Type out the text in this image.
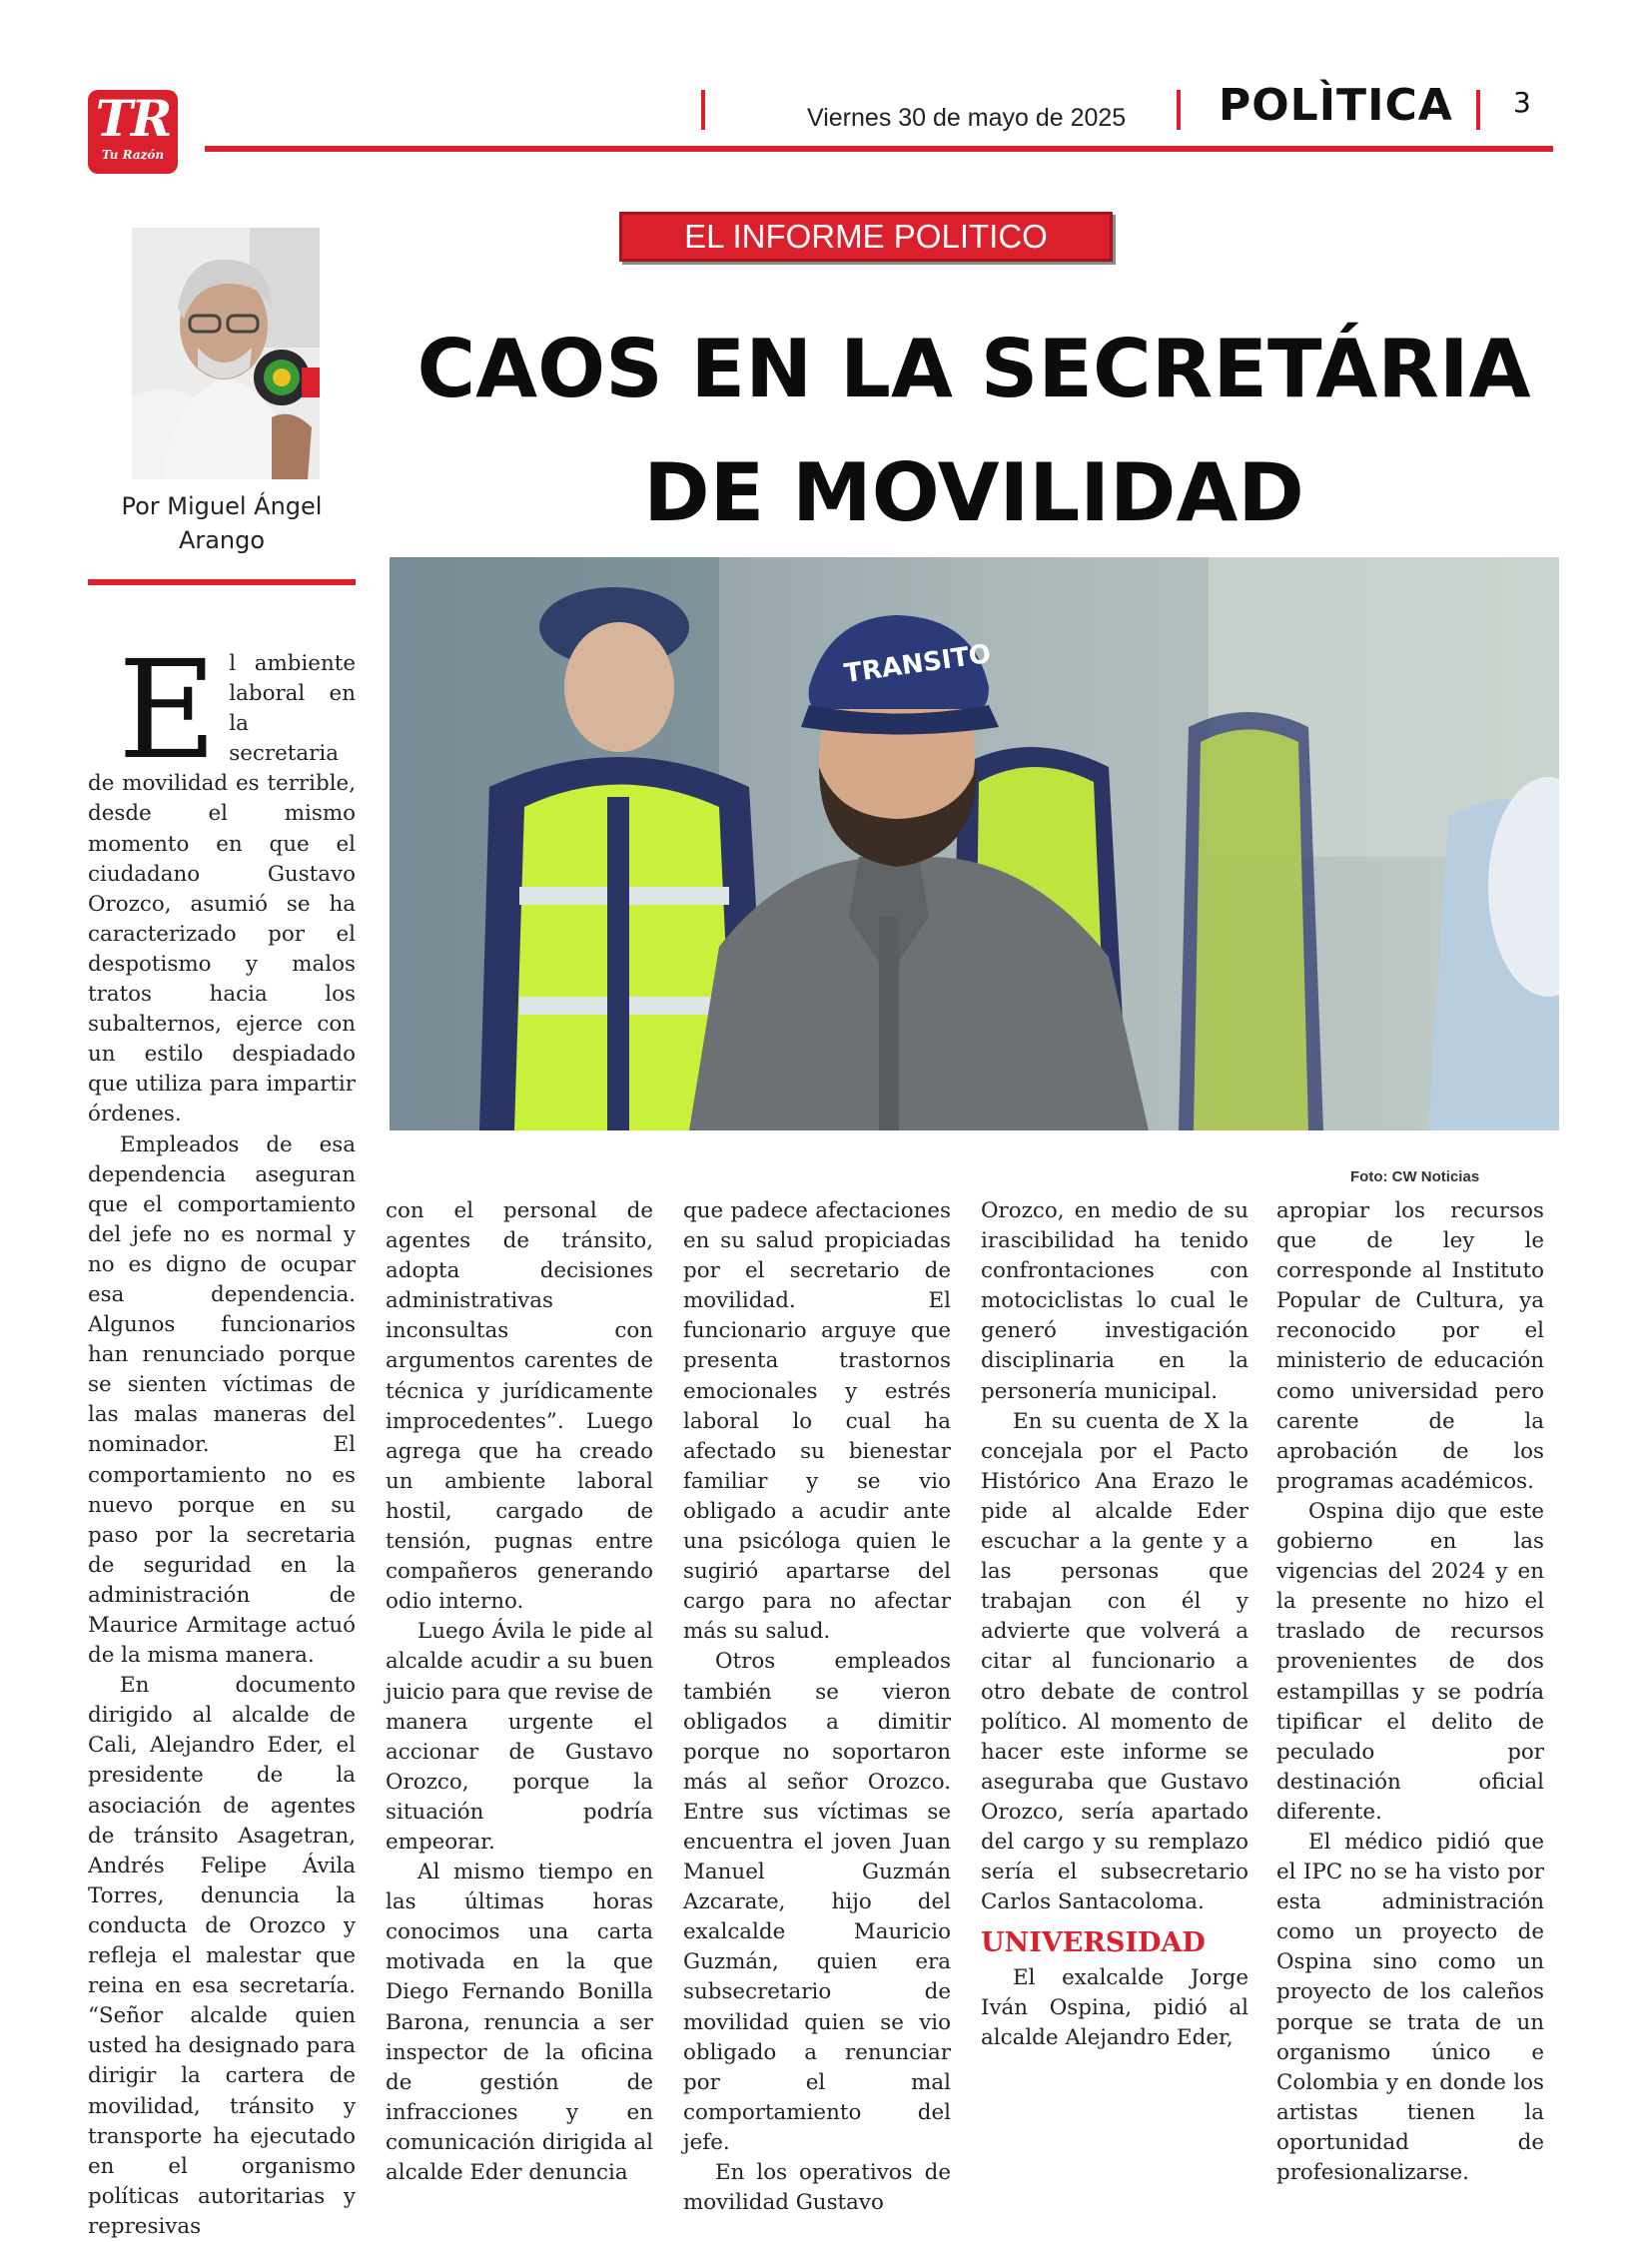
TR
Tu Razón
Viernes 30 de mayo de 2025 POLÌTICA 3
Por Miguel Ángel Arango
EL INFORME POLITICO
CAOS EN LA SECRETÁRIA
DE MOVILIDAD
TRANSITO
Foto: CW Noticias

El ambiente laboral en la secretaria de movilidad es terrible, desde el mismo momento en que el ciudadano Gustavo Orozco, asumió se ha caracterizado por el despotismo y malos tratos hacia los subalternos, ejerce con un estilo despiadado que utiliza para impartir órdenes.

Empleados de esa dependencia aseguran que el comportamiento del jefe no es normal y no es digno de ocupar esa dependencia. Algunos funcionarios han renunciado porque se sienten víctimas de las malas maneras del nominador. El comportamiento no es nuevo porque en su paso por la secretaria de seguridad en la administración de Maurice Armitage actuó de la misma manera.

En documento dirigido al alcalde de Cali, Alejandro Eder, el presidente de la asociación de agentes de tránsito Asagetran, Andrés Felipe Ávila Torres, denuncia la conducta de Orozco y refleja el malestar que reina en esa secretaría. “Señor alcalde quien usted ha designado para dirigir la cartera de movilidad, tránsito y transporte ha ejecutado en el organismo políticas autoritarias y represivas

con el personal de agentes de tránsito, adopta decisiones administrativas inconsultas con argumentos carentes de técnica y jurídicamente improcedentes”. Luego agrega que ha creado un ambiente laboral hostil, cargado de tensión, pugnas entre compañeros generando odio interno.

Luego Ávila le pide al alcalde acudir a su buen juicio para que revise de manera urgente el accionar de Gustavo Orozco, porque la situación podría empeorar.

Al mismo tiempo en las últimas horas conocimos una carta motivada en la que Diego Fernando Bonilla Barona, renuncia a ser inspector de la oficina de gestión de infracciones y en comunicación dirigida al alcalde Eder denuncia

que padece afectaciones en su salud propiciadas por el secretario de movilidad. El funcionario arguye que presenta trastornos emocionales y estrés laboral lo cual ha afectado su bienestar familiar y se vio obligado a acudir ante una psicóloga quien le sugirió apartarse del cargo para no afectar más su salud.

Otros empleados también se vieron obligados a dimitir porque no soportaron más al señor Orozco. Entre sus víctimas se encuentra el joven Juan Manuel Guzmán Azcarate, hijo del exalcalde Mauricio Guzmán, quien era subsecretario de movilidad quien se vio obligado a renunciar por el mal comportamiento del jefe.

En los operativos de movilidad Gustavo

Orozco, en medio de su irascibilidad ha tenido confrontaciones con motociclistas lo cual le generó investigación disciplinaria en la personería municipal.

En su cuenta de X la concejala por el Pacto Histórico Ana Erazo le pide al alcalde Eder escuchar a la gente y a las personas que trabajan con él y advierte que volverá a citar al funcionario a otro debate de control político. Al momento de hacer este informe se aseguraba que Gustavo Orozco, sería apartado del cargo y su remplazo sería el subsecretario Carlos Santacoloma.

UNIVERSIDAD

El exalcalde Jorge Iván Ospina, pidió al alcalde Alejandro Eder,

apropiar los recursos que de ley le corresponde al Instituto Popular de Cultura, ya reconocido por el ministerio de educación como universidad pero carente de la aprobación de los programas académicos.

Ospina dijo que este gobierno en las vigencias del 2024 y en la presente no hizo el traslado de recursos provenientes de dos estampillas y se podría tipificar el delito de peculado por destinación oficial diferente.

El médico pidió que el IPC no se ha visto por esta administración como un proyecto de Ospina sino como un proyecto de los caleños porque se trata de un organismo único e Colombia y en donde los artistas tienen la oportunidad de profesionalizarse.
